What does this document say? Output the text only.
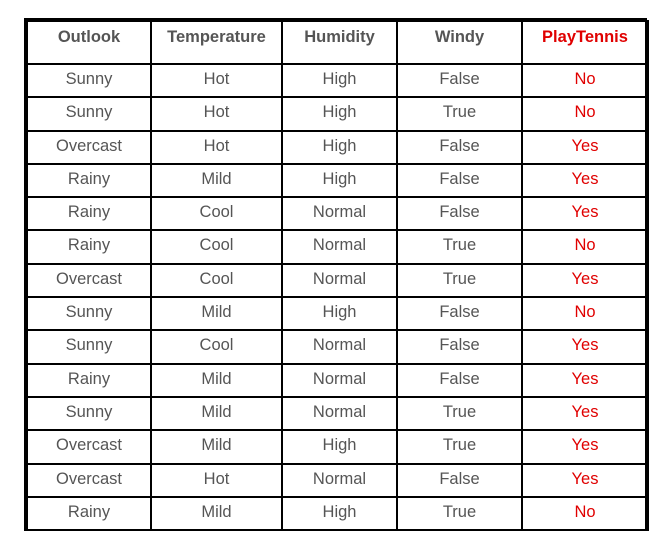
Outlook	Temperature	Humidity	Windy	PlayTennis
Sunny	Hot	High	False	No
Sunny	Hot	High	True	No
Overcast	Hot	High	False	Yes
Rainy	Mild	High	False	Yes
Rainy	Cool	Normal	False	Yes
Rainy	Cool	Normal	True	No
Overcast	Cool	Normal	True	Yes
Sunny	Mild	High	False	No
Sunny	Cool	Normal	False	Yes
Rainy	Mild	Normal	False	Yes
Sunny	Mild	Normal	True	Yes
Overcast	Mild	High	True	Yes
Overcast	Hot	Normal	False	Yes
Rainy	Mild	High	True	No
